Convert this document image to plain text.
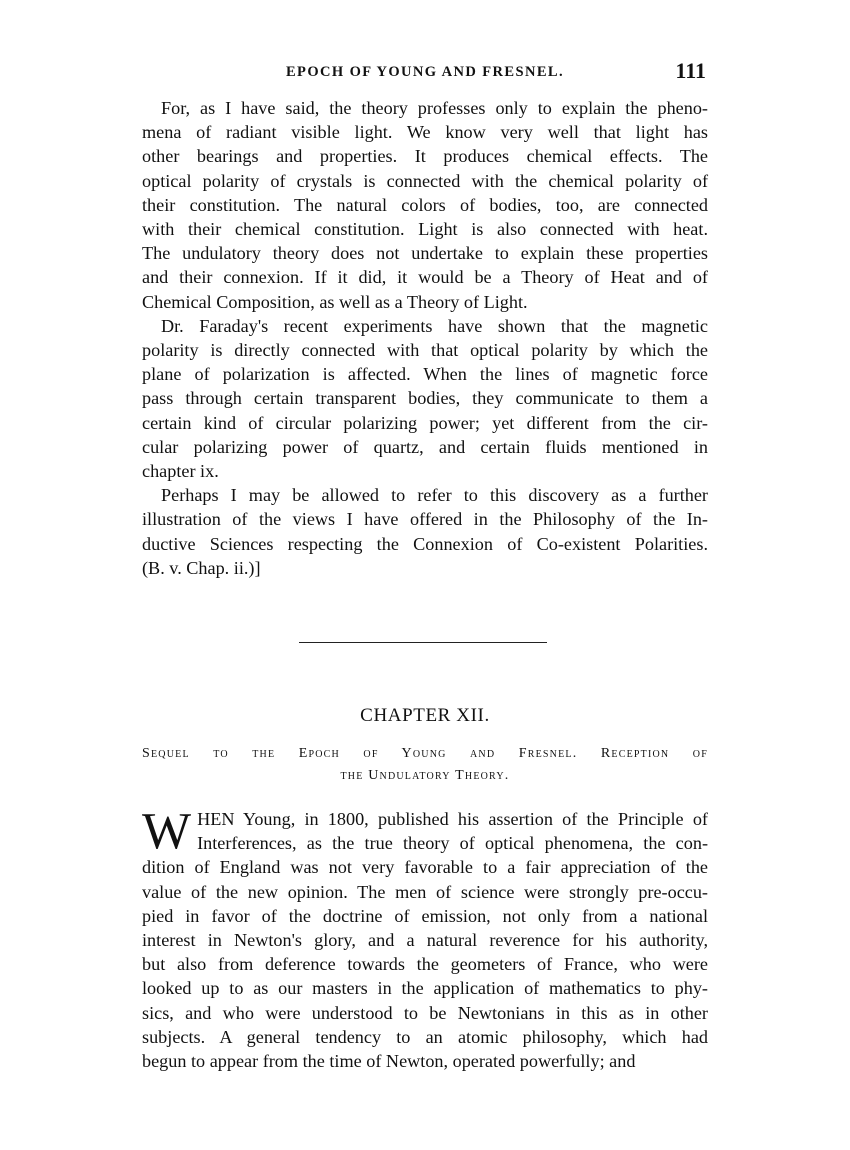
EPOCH OF YOUNG AND FRESNEL.	111

For, as I have said, the theory professes only to explain the pheno-

mena of radiant visible light. We know very well that light has

other bearings and properties. It produces chemical effects. The

optical polarity of crystals is connected with the chemical polarity of

their constitution. The natural colors of bodies, too, are connected

with their chemical constitution. Light is also connected with heat.

The undulatory theory does not undertake to explain these properties

and their connexion. If it did, it would be a Theory of Heat and of

Chemical Composition, as well as a Theory of Light.

Dr. Faraday's recent experiments have shown that the magnetic

polarity is directly connected with that optical polarity by which the

plane of polarization is affected. When the lines of magnetic force

pass through certain transparent bodies, they communicate to them a

certain kind of circular polarizing power; yet different from the cir-

cular polarizing power of quartz, and certain fluids mentioned in

chapter ix.

Perhaps I may be allowed to refer to this discovery as a further

illustration of the views I have offered in the Philosophy of the In-

ductive Sciences respecting the Connexion of Co-existent Polarities.

(B. v. Chap. ii.)]

CHAPTER XII.
Sequel to the Epoch of Young and Fresnel. Reception of
the Undulatory Theory.
W HEN Young, in 1800, published his assertion of the Principle of

Interferences, as the true theory of optical phenomena, the con-

dition of England was not very favorable to a fair appreciation of the

value of the new opinion. The men of science were strongly pre-occu-

pied in favor of the doctrine of emission, not only from a national

interest in Newton's glory, and a natural reverence for his authority,

but also from deference towards the geometers of France, who were

looked up to as our masters in the application of mathematics to phy-

sics, and who were understood to be Newtonians in this as in other

subjects. A general tendency to an atomic philosophy, which had

begun to appear from the time of Newton, operated powerfully; and
